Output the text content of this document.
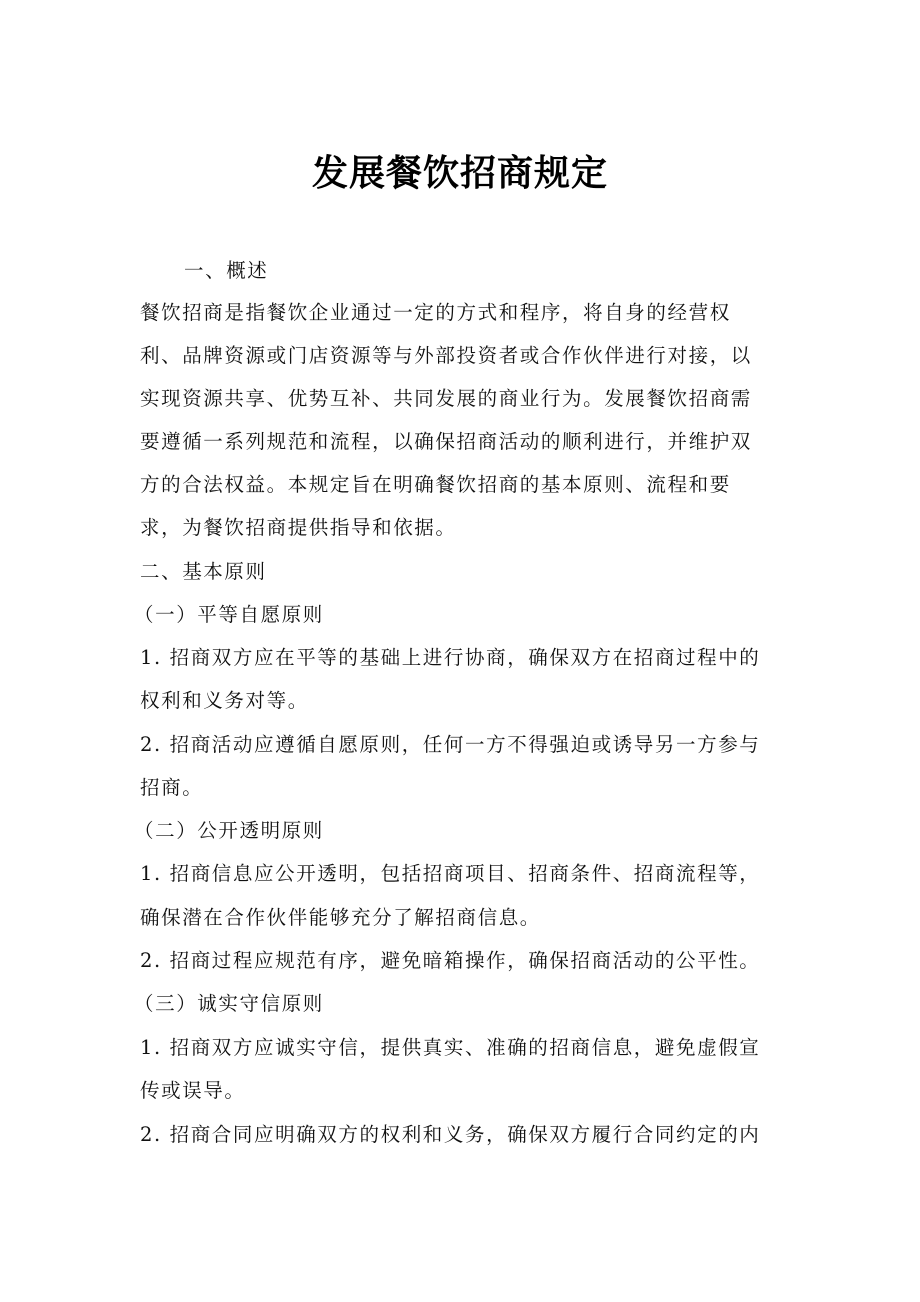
发展餐饮招商规定
一、概述
餐饮招商是指餐饮企业通过一定的方式和程序，将自身的经营权
利、品牌资源或门店资源等与外部投资者或合作伙伴进行对接，以
实现资源共享、优势互补、共同发展的商业行为。发展餐饮招商需
要遵循一系列规范和流程，以确保招商活动的顺利进行，并维护双
方的合法权益。本规定旨在明确餐饮招商的基本原则、流程和要
求，为餐饮招商提供指导和依据。
二、基本原则
（一）平等自愿原则
1. 招商双方应在平等的基础上进行协商，确保双方在招商过程中的
权利和义务对等。
2. 招商活动应遵循自愿原则，任何一方不得强迫或诱导另一方参与
招商。
（二）公开透明原则
1. 招商信息应公开透明，包括招商项目、招商条件、招商流程等，
确保潜在合作伙伴能够充分了解招商信息。
2. 招商过程应规范有序，避免暗箱操作，确保招商活动的公平性。
（三）诚实守信原则
1. 招商双方应诚实守信，提供真实、准确的招商信息，避免虚假宣
传或误导。
2. 招商合同应明确双方的权利和义务，确保双方履行合同约定的内
